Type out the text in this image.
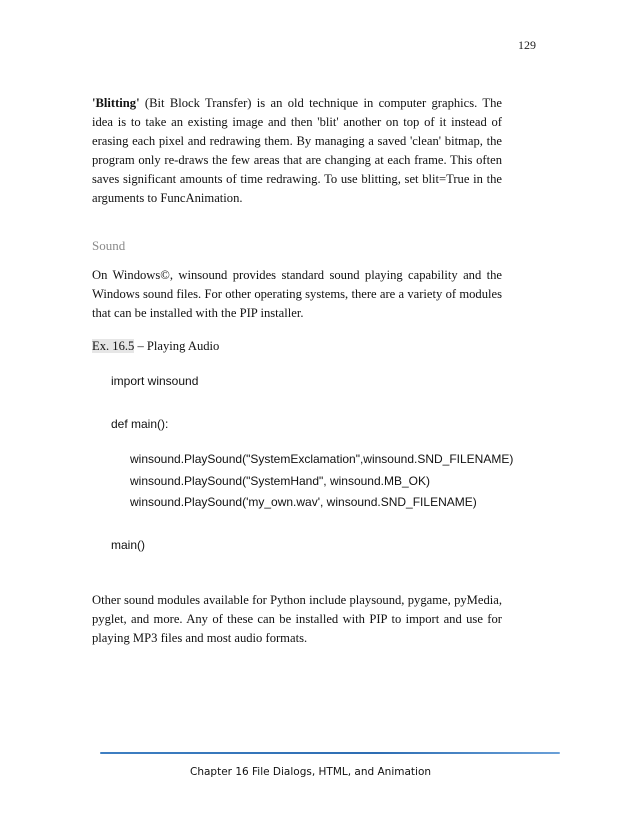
129

'Blitting' (Bit Block Transfer) is an old technique in computer graphics. The idea is to take an existing image and then 'blit' another on top of it instead of erasing each pixel and redrawing them. By managing a saved 'clean' bitmap, the program only re-draws the few areas that are changing at each frame. This often saves significant amounts of time redrawing. To use blitting, set blit=True in the arguments to FuncAnimation.

Sound

On Windows©, winsound provides standard sound playing capability and the Windows sound files. For other operating systems, there are a variety of modules that can be installed with the PIP installer.

Ex. 16.5 – Playing Audio
import winsound
def main():
winsound.PlaySound("SystemExclamation",winsound.SND_FILENAME)
winsound.PlaySound("SystemHand", winsound.MB_OK)
winsound.PlaySound('my_own.wav', winsound.SND_FILENAME)
main()

Other sound modules available for Python include playsound, pygame, pyMedia, pyglet, and more. Any of these can be installed with PIP to import and use for playing MP3 files and most audio formats.

Chapter 16 File Dialogs, HTML, and Animation
